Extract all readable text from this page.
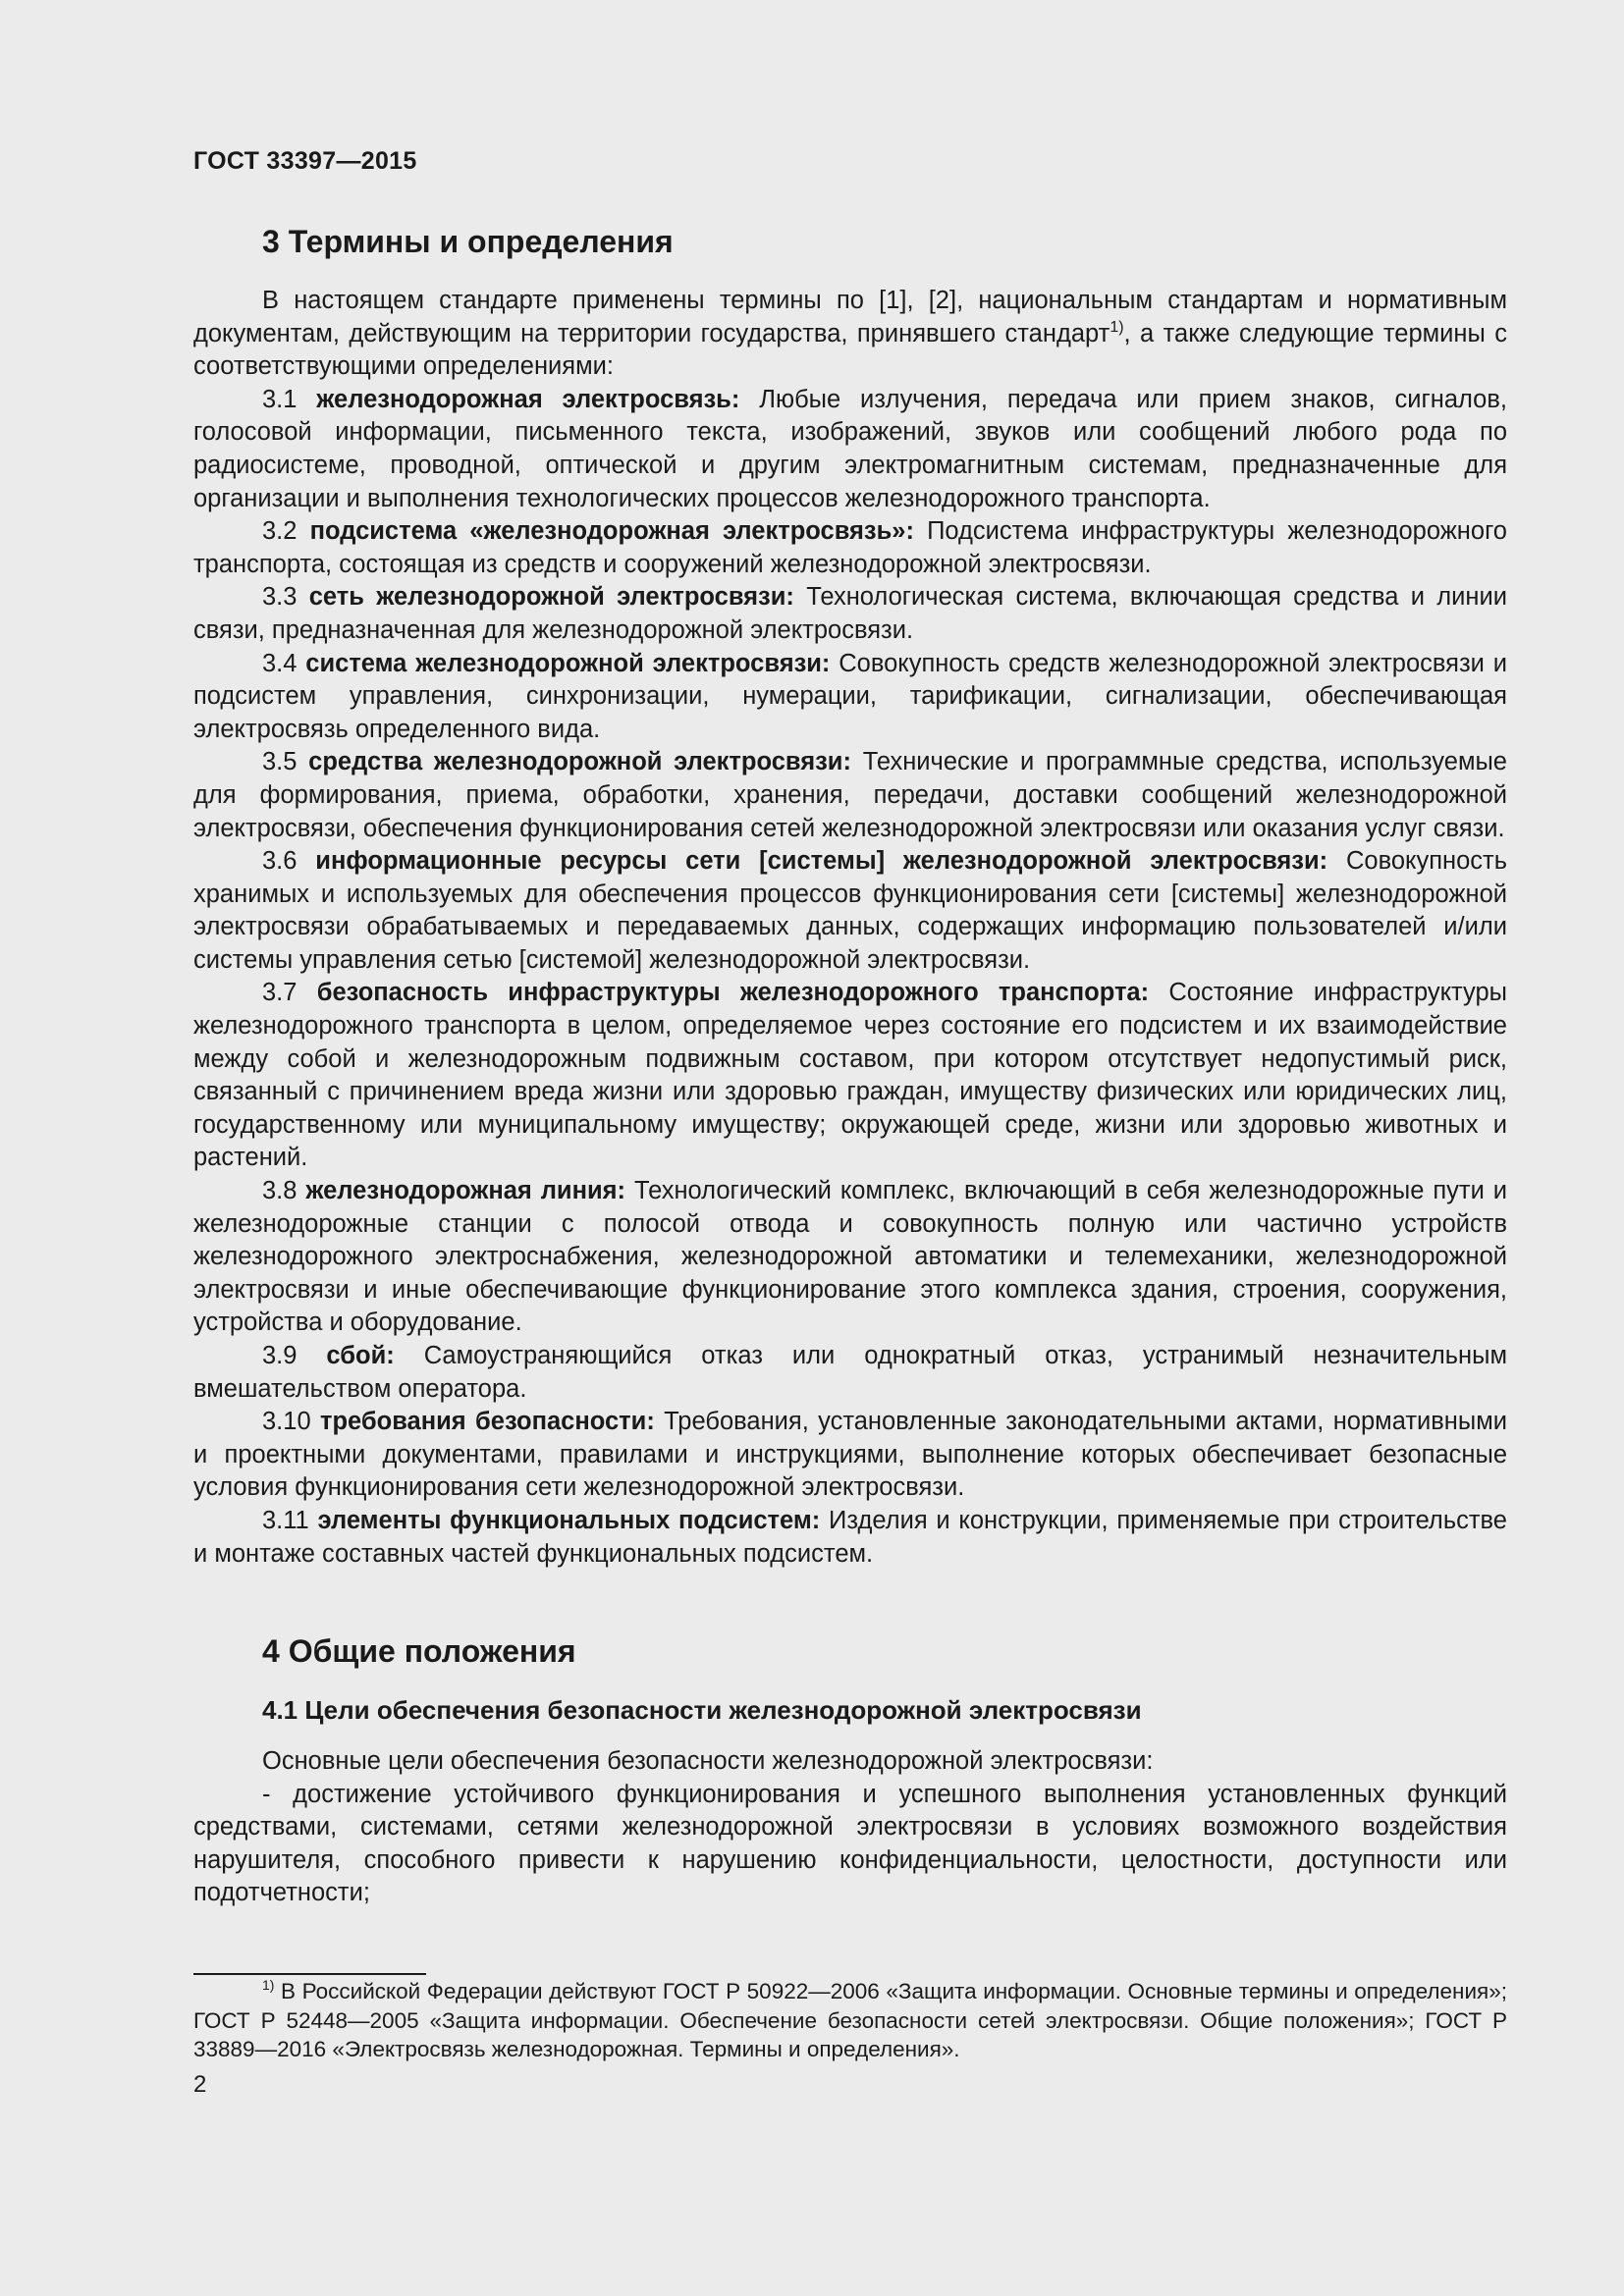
ГОСТ 33397—2015
3 Термины и определения

В настоящем стандарте применены термины по [1], [2], национальным стандартам и нормативным документам, действующим на территории государства, принявшего стандарт$^{1)}$, а также следующие термины с соответствующими определениями:

3.1 железнодорожная электросвязь: Любые излучения, передача или прием знаков, сигналов, голосовой информации, письменного текста, изображений, звуков или сообщений любого рода по радиосистеме, проводной, оптической и другим электромагнитным системам, предназначенные для организации и выполнения технологических процессов железнодорожного транспорта.

3.2 подсистема «железнодорожная электросвязь»: Подсистема инфраструктуры железнодорожного транспорта, состоящая из средств и сооружений железнодорожной электросвязи.

3.3 сеть железнодорожной электросвязи: Технологическая система, включающая средства и линии связи, предназначенная для железнодорожной электросвязи.

3.4 система железнодорожной электросвязи: Совокупность средств железнодорожной электросвязи и подсистем управления, синхронизации, нумерации, тарификации, сигнализации, обеспечивающая электросвязь определенного вида.

3.5 средства железнодорожной электросвязи: Технические и программные средства, используемые для формирования, приема, обработки, хранения, передачи, доставки сообщений железнодорожной электросвязи, обеспечения функционирования сетей железнодорожной электросвязи или оказания услуг связи.

3.6 информационные ресурсы сети [системы] железнодорожной электросвязи: Совокупность хранимых и используемых для обеспечения процессов функционирования сети [системы] железнодорожной электросвязи обрабатываемых и передаваемых данных, содержащих информацию пользователей и/или системы управления сетью [системой] железнодорожной электросвязи.

3.7 безопасность инфраструктуры железнодорожного транспорта: Состояние инфраструктуры железнодорожного транспорта в целом, определяемое через состояние его подсистем и их взаимодействие между собой и железнодорожным подвижным составом, при котором отсутствует недопустимый риск, связанный с причинением вреда жизни или здоровью граждан, имуществу физических или юридических лиц, государственному или муниципальному имуществу; окружающей среде, жизни или здоровью животных и растений.

3.8 железнодорожная линия: Технологический комплекс, включающий в себя железнодорожные пути и железнодорожные станции с полосой отвода и совокупность полную или частично устройств железнодорожного электроснабжения, железнодорожной автоматики и телемеханики, железнодорожной электросвязи и иные обеспечивающие функционирование этого комплекса здания, строения, сооружения, устройства и оборудование.

3.9 сбой: Самоустраняющийся отказ или однократный отказ, устранимый незначительным вмешательством оператора.

3.10 требования безопасности: Требования, установленные законодательными актами, нормативными и проектными документами, правилами и инструкциями, выполнение которых обеспечивает безопасные условия функционирования сети железнодорожной электросвязи.

3.11 элементы функциональных подсистем: Изделия и конструкции, применяемые при строительстве и монтаже составных частей функциональных подсистем.

4 Общие положения
4.1 Цели обеспечения безопасности железнодорожной электросвязи

Основные цели обеспечения безопасности железнодорожной электросвязи:

- достижение устойчивого функционирования и успешного выполнения установленных функций средствами, системами, сетями железнодорожной электросвязи в условиях возможного воздействия нарушителя, способного привести к нарушению конфиденциальности, целостности, доступности или подотчетности;

$^{1)}$ В Российской Федерации действуют ГОСТ Р 50922—2006 «Защита информации. Основные термины и определения»; ГОСТ Р 52448—2005 «Защита информации. Обеспечение безопасности сетей электросвязи. Общие положения»; ГОСТ Р 33889—2016 «Электросвязь железнодорожная. Термины и определения».

2
